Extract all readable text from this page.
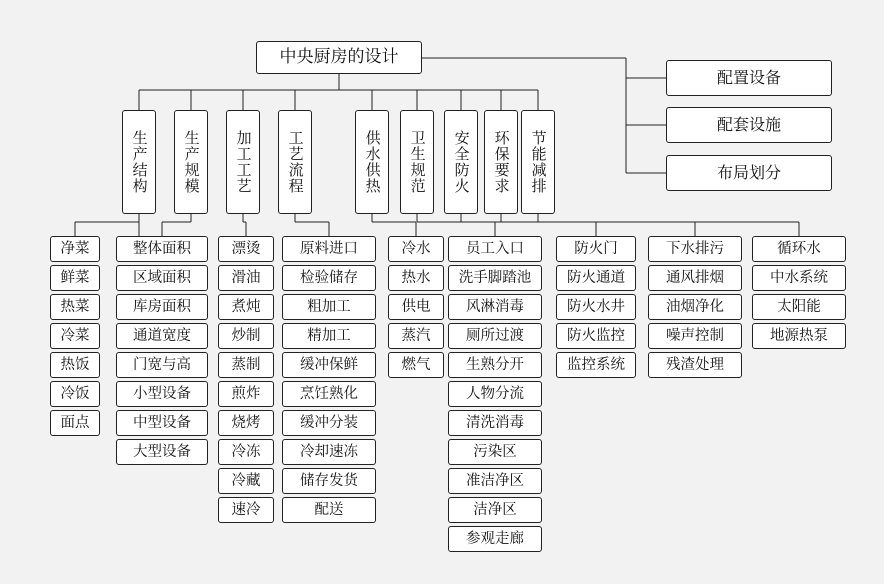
中央厨房的设计
配置设备
配套设施
布局划分
生产结构	生产规模	加工工艺	工艺流程	供水供热	卫生规范	安全防火	环保要求	节能减排
净菜
鲜菜
热菜
冷菜
热饭
冷饭
面点
整体面积
区域面积
库房面积
通道宽度
门宽与高
小型设备
中型设备
大型设备
漂烫
滑油
煮炖
炒制
蒸制
煎炸
烧烤
冷冻
冷藏
速冷
原料进口
检验储存
粗加工
精加工
缓冲保鲜
烹饪熟化
缓冲分装
冷却速冻
储存发货
配送
冷水
热水
供电
蒸汽
燃气
员工入口
洗手脚踏池
风淋消毒
厕所过渡
生熟分开
人物分流
清洗消毒
污染区
准洁净区
洁净区
参观走廊
防火门
防火通道
防火水井
防火监控
监控系统
下水排污
通风排烟
油烟净化
噪声控制
残渣处理
循环水
中水系统
太阳能
地源热泵
